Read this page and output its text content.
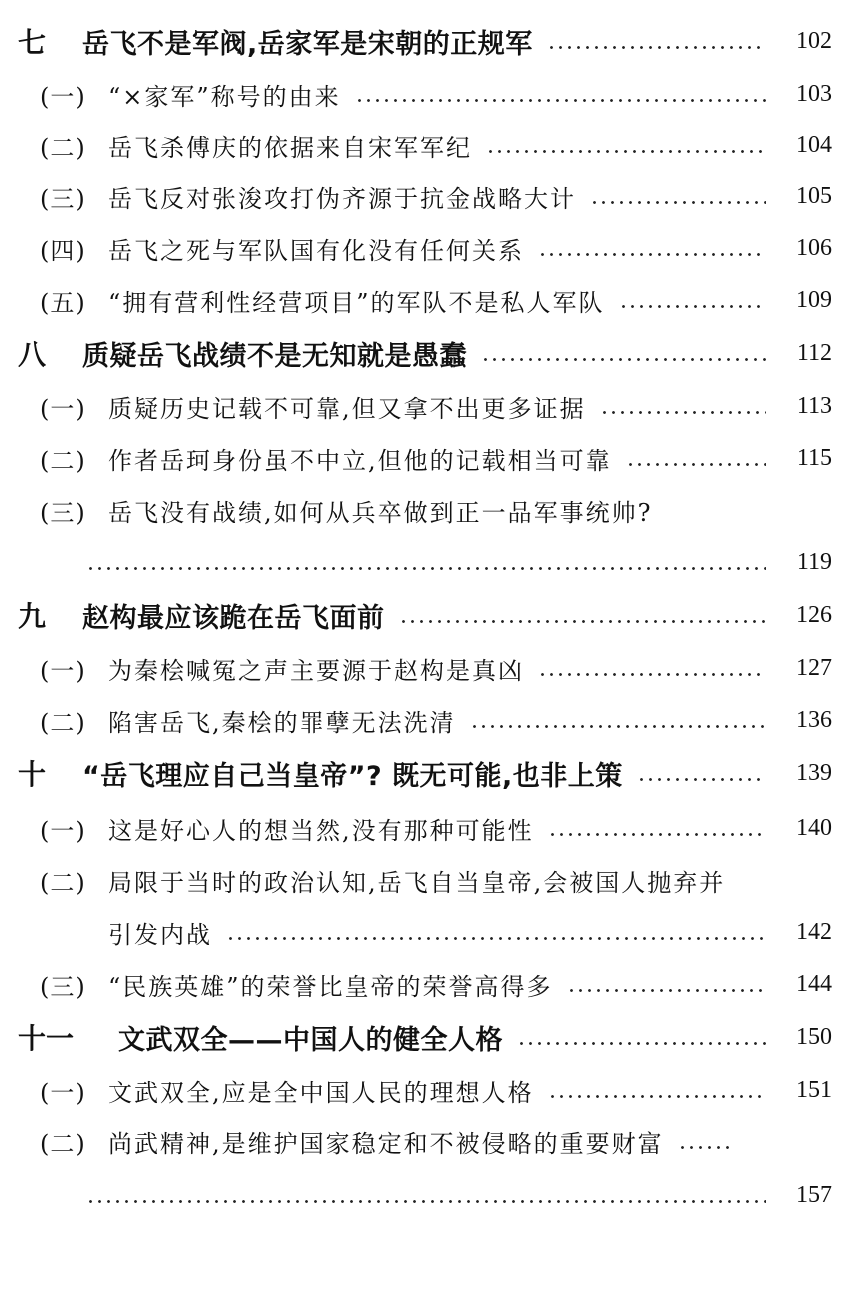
七	岳飞不是军阀,岳家军是宋朝的正规军	102
(一) “×家军”称号的由来	103
(二) 岳飞杀傅庆的依据来自宋军军纪	104
(三) 岳飞反对张浚攻打伪齐源于抗金战略大计	105
(四) 岳飞之死与军队国有化没有任何关系	106
(五) “拥有营利性经营项目”的军队不是私人军队	109
八	质疑岳飞战绩不是无知就是愚蠢	112
(一) 质疑历史记载不可靠,但又拿不出更多证据	113
(二) 作者岳珂身份虽不中立,但他的记载相当可靠	115
(三) 岳飞没有战绩,如何从兵卒做到正一品军事统帅?
119
九	赵构最应该跪在岳飞面前	126
(一) 为秦桧喊冤之声主要源于赵构是真凶	127
(二) 陷害岳飞,秦桧的罪孽无法洗清	136
十	“岳飞理应自己当皇帝”? 既无可能,也非上策	139
(一) 这是好心人的想当然,没有那种可能性	140
(二) 局限于当时的政治认知,岳飞自当皇帝,会被国人抛弃并
引发内战	142
(三) “民族英雄”的荣誉比皇帝的荣誉高得多	144
十一	文武双全——中国人的健全人格	150
(一) 文武双全,应是全中国人民的理想人格	151
(二) 尚武精神,是维护国家稳定和不被侵略的重要财富
157
